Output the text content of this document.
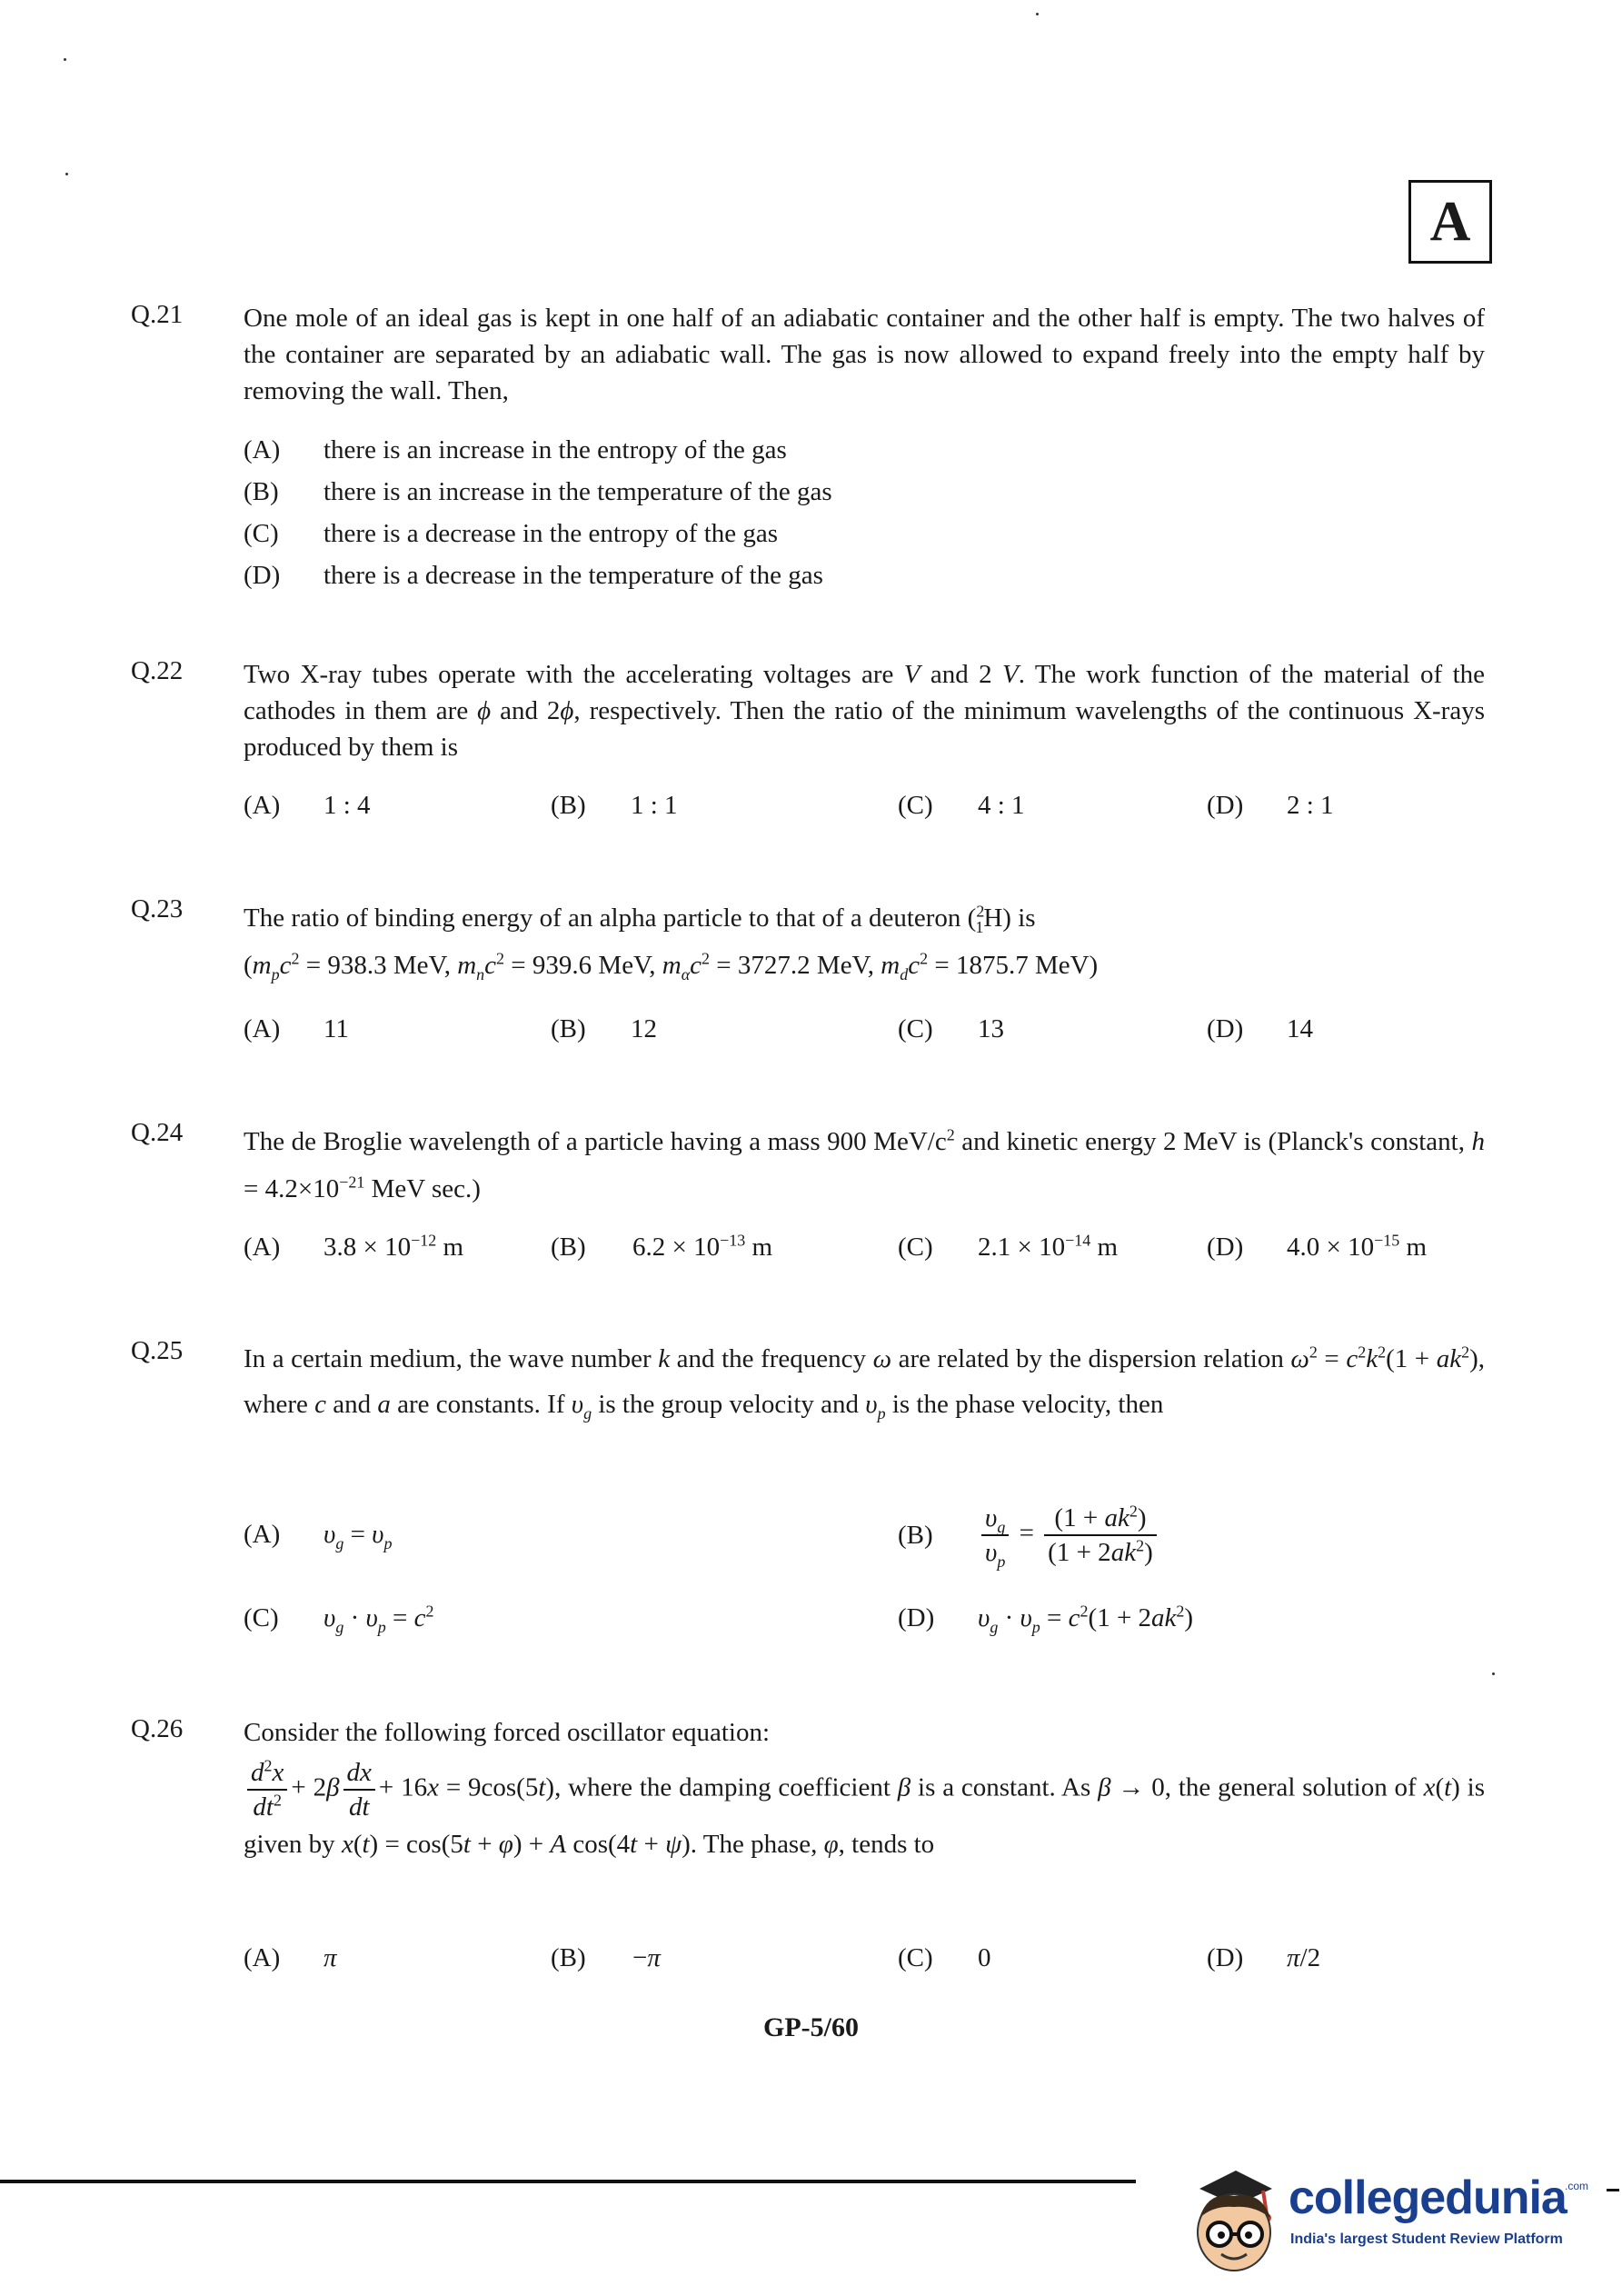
A
Q.21 One mole of an ideal gas is kept in one half of an adiabatic container and the other half is empty. The two halves of the container are separated by an adiabatic wall. The gas is now allowed to expand freely into the empty half by removing the wall. Then,
(A) there is an increase in the entropy of the gas
(B) there is an increase in the temperature of the gas
(C) there is a decrease in the entropy of the gas
(D) there is a decrease in the temperature of the gas
Q.22 Two X-ray tubes operate with the accelerating voltages are V and 2 V. The work function of the material of the cathodes in them are ϕ and 2ϕ, respectively. Then the ratio of the minimum wavelengths of the continuous X-rays produced by them is
(A) 1 : 4	(B) 1 : 1	(C) 4 : 1	(D) 2 : 1
Q.23 The ratio of binding energy of an alpha particle to that of a deuteron ($^2_1$H) is
($m_pc^2 = 938.3$ MeV, $m_nc^2 = 939.6$ MeV, $m_\alpha c^2 = 3727.2$ MeV, $m_dc^2 = 1875.7$ MeV)
(A) 11	(B) 12	(C) 13	(D) 14
Q.24 The de Broglie wavelength of a particle having a mass 900 MeV/$c^2$ and kinetic energy 2 MeV is (Planck's constant, $h = 4.2\times 10^{-21}$ MeV sec.)
(A) $3.8 \times 10^{-12}$ m	(B) $6.2 \times 10^{-13}$ m	(C) $2.1 \times 10^{-14}$ m	(D) $4.0 \times 10^{-15}$ m
Q.25 In a certain medium, the wave number k and the frequency ω are related by the dispersion relation $\omega^2 = c^2k^2(1 + ak^2)$, where c and a are constants. If $\upsilon_g$ is the group velocity and $\upsilon_p$ is the phase velocity, then
(A) $\upsilon_g = \upsilon_p$	$(B) \frac{\upsilon_g}{\upsilon_p} = \frac{(1 + ak^2)}{(1 + 2ak^2)}$
(C) $\upsilon_g \cdot \upsilon_p = c^2$	(D) $\upsilon_g \cdot \upsilon_p = c^2(1 + 2ak^2)$
Q.26 Consider the following forced oscillator equation:
$\frac{d^2x}{dt^2} + 2\beta \frac{dx}{dt} + 16x = 9\cos(5t)$, where the damping coefficient β is a constant. As β → 0, the general solution of x(t) is given by x(t) = cos(5t + φ) + A cos(4t + ψ). The phase, φ, tends to
(A) π	(B) −π	(C) 0	(D) π/2
GP-5/60
collegedunia
.com
India's largest Student Review Platform
